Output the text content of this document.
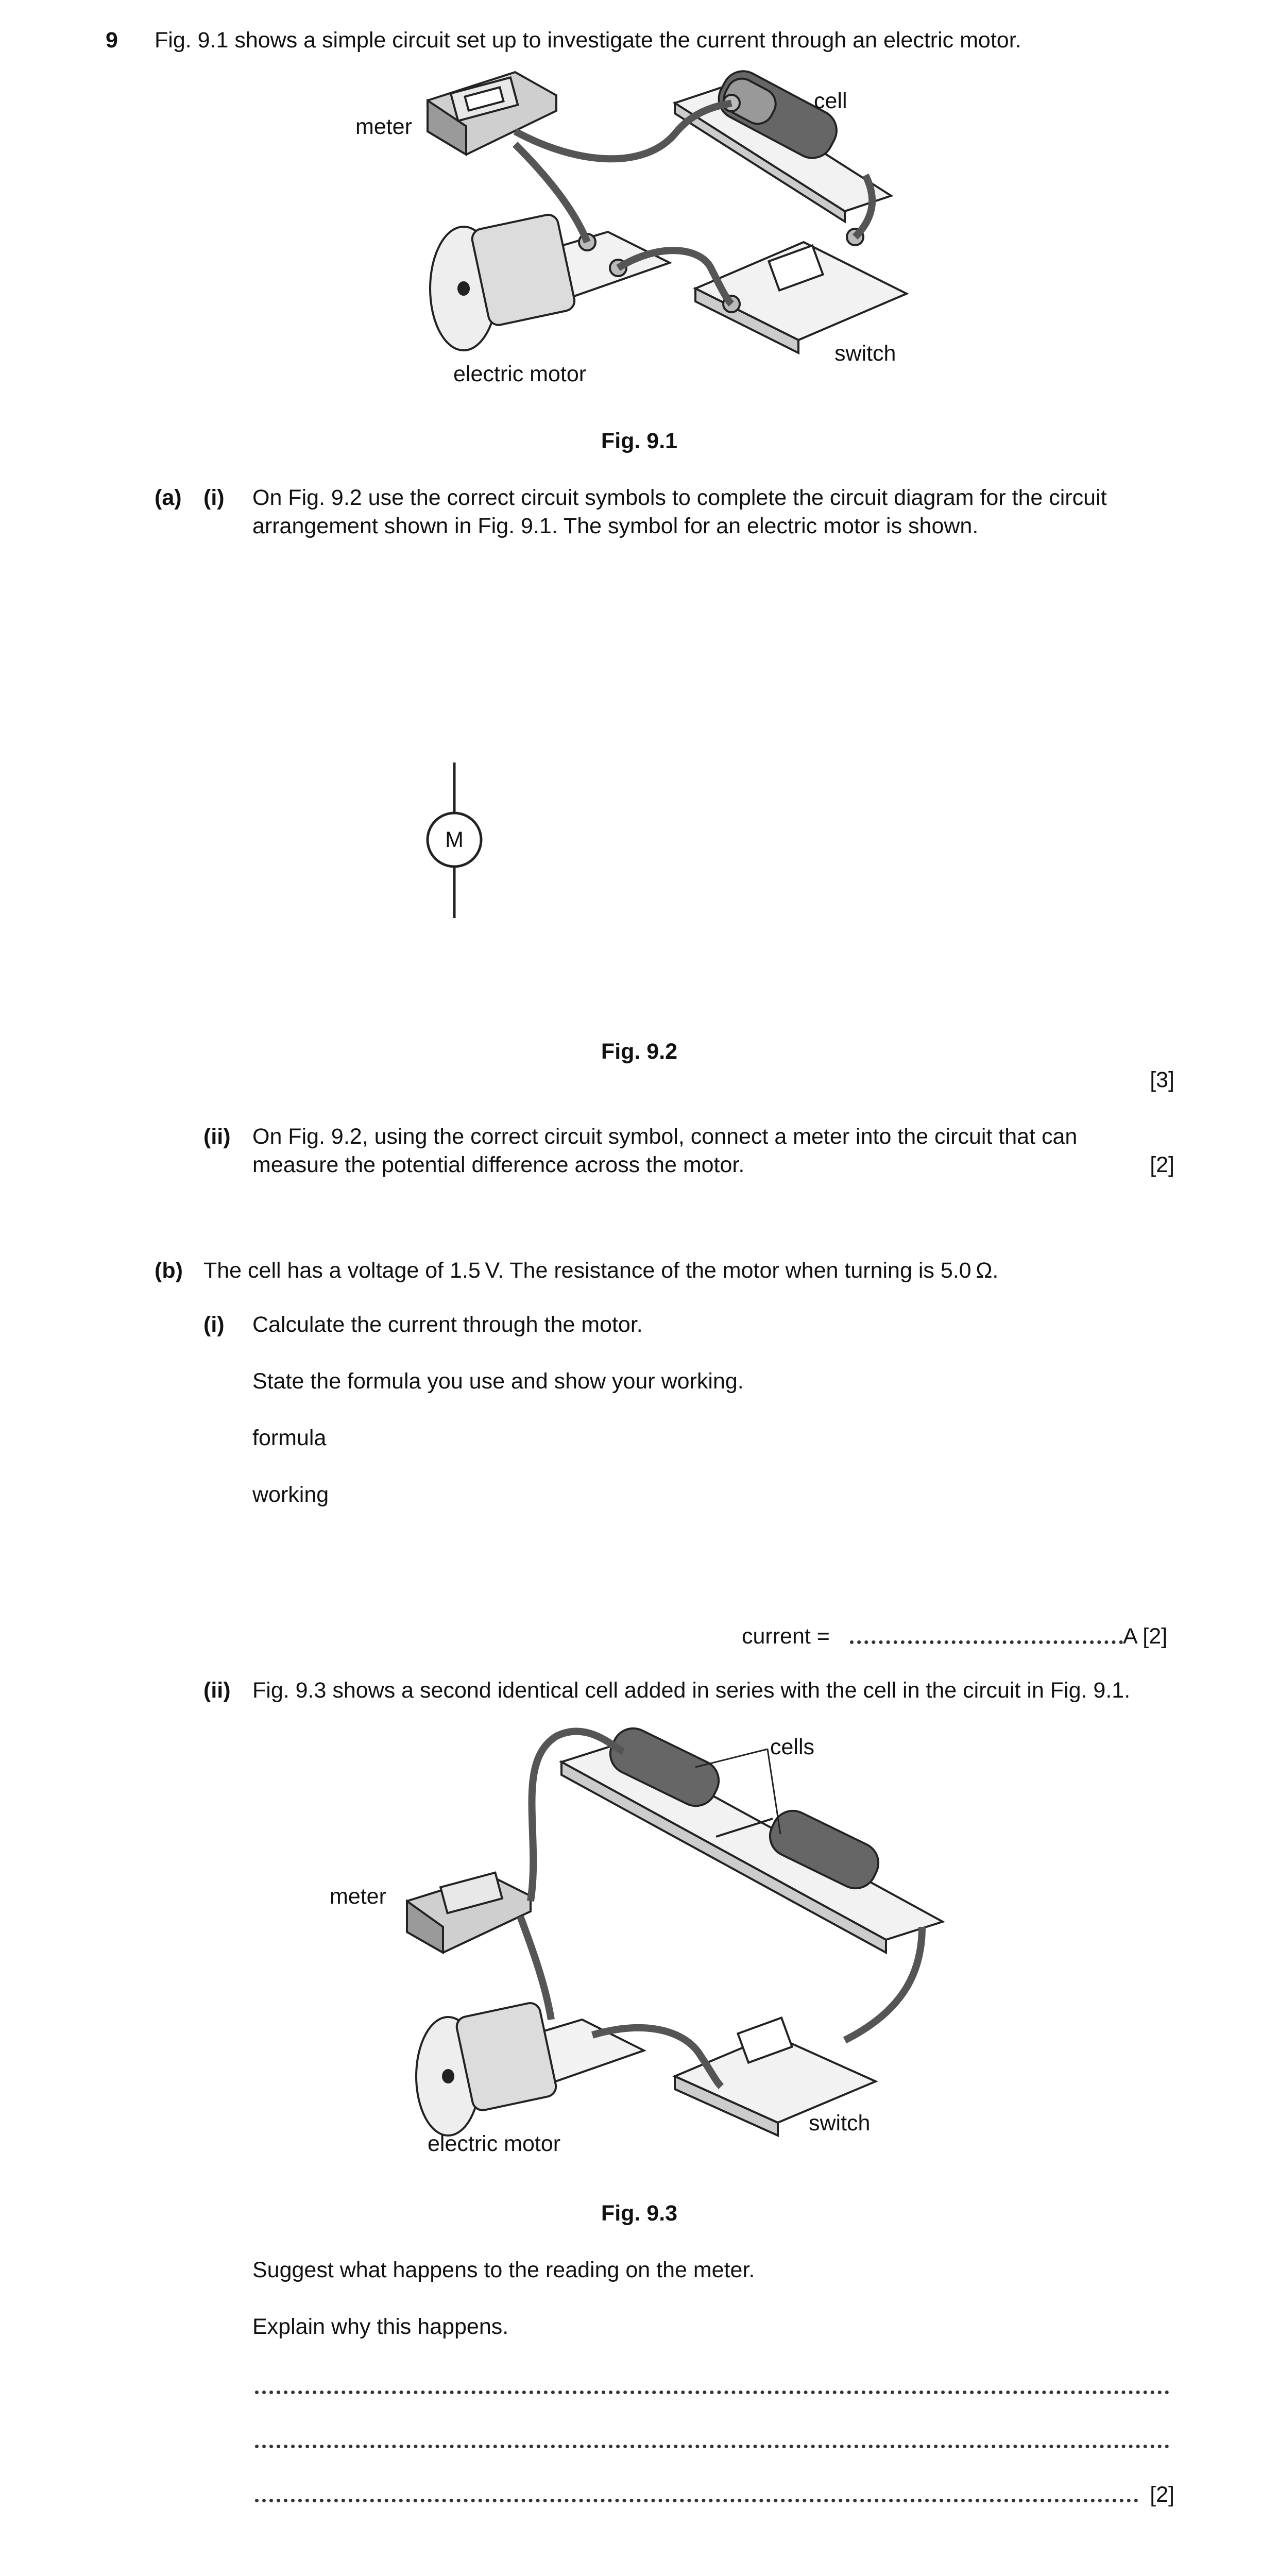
9 Fig. 9.1 shows a simple circuit set up to investigate the current through an electric motor.
meter
cell
electric motor
switch
Fig. 9.1
(a) (i) On Fig. 9.2 use the correct circuit symbols to complete the circuit diagram for the circuit
arrangement shown in Fig. 9.1. The symbol for an electric motor is shown.
M
Fig. 9.2
[3]
(ii) On Fig. 9.2, using the correct circuit symbol, connect a meter into the circuit that can
measure the potential difference across the motor.	[2]
(b) The cell has a voltage of 1.5 V. The resistance of the motor when turning is 5.0 Ω.
(i) Calculate the current through the motor.
State the formula you use and show your working.
formula
working
current =	A [2]
(ii) Fig. 9.3 shows a second identical cell added in series with the cell in the circuit in Fig. 9.1.
cells
meter
electric motor
switch
Fig. 9.3
Suggest what happens to the reading on the meter.
Explain why this happens.
[2]
